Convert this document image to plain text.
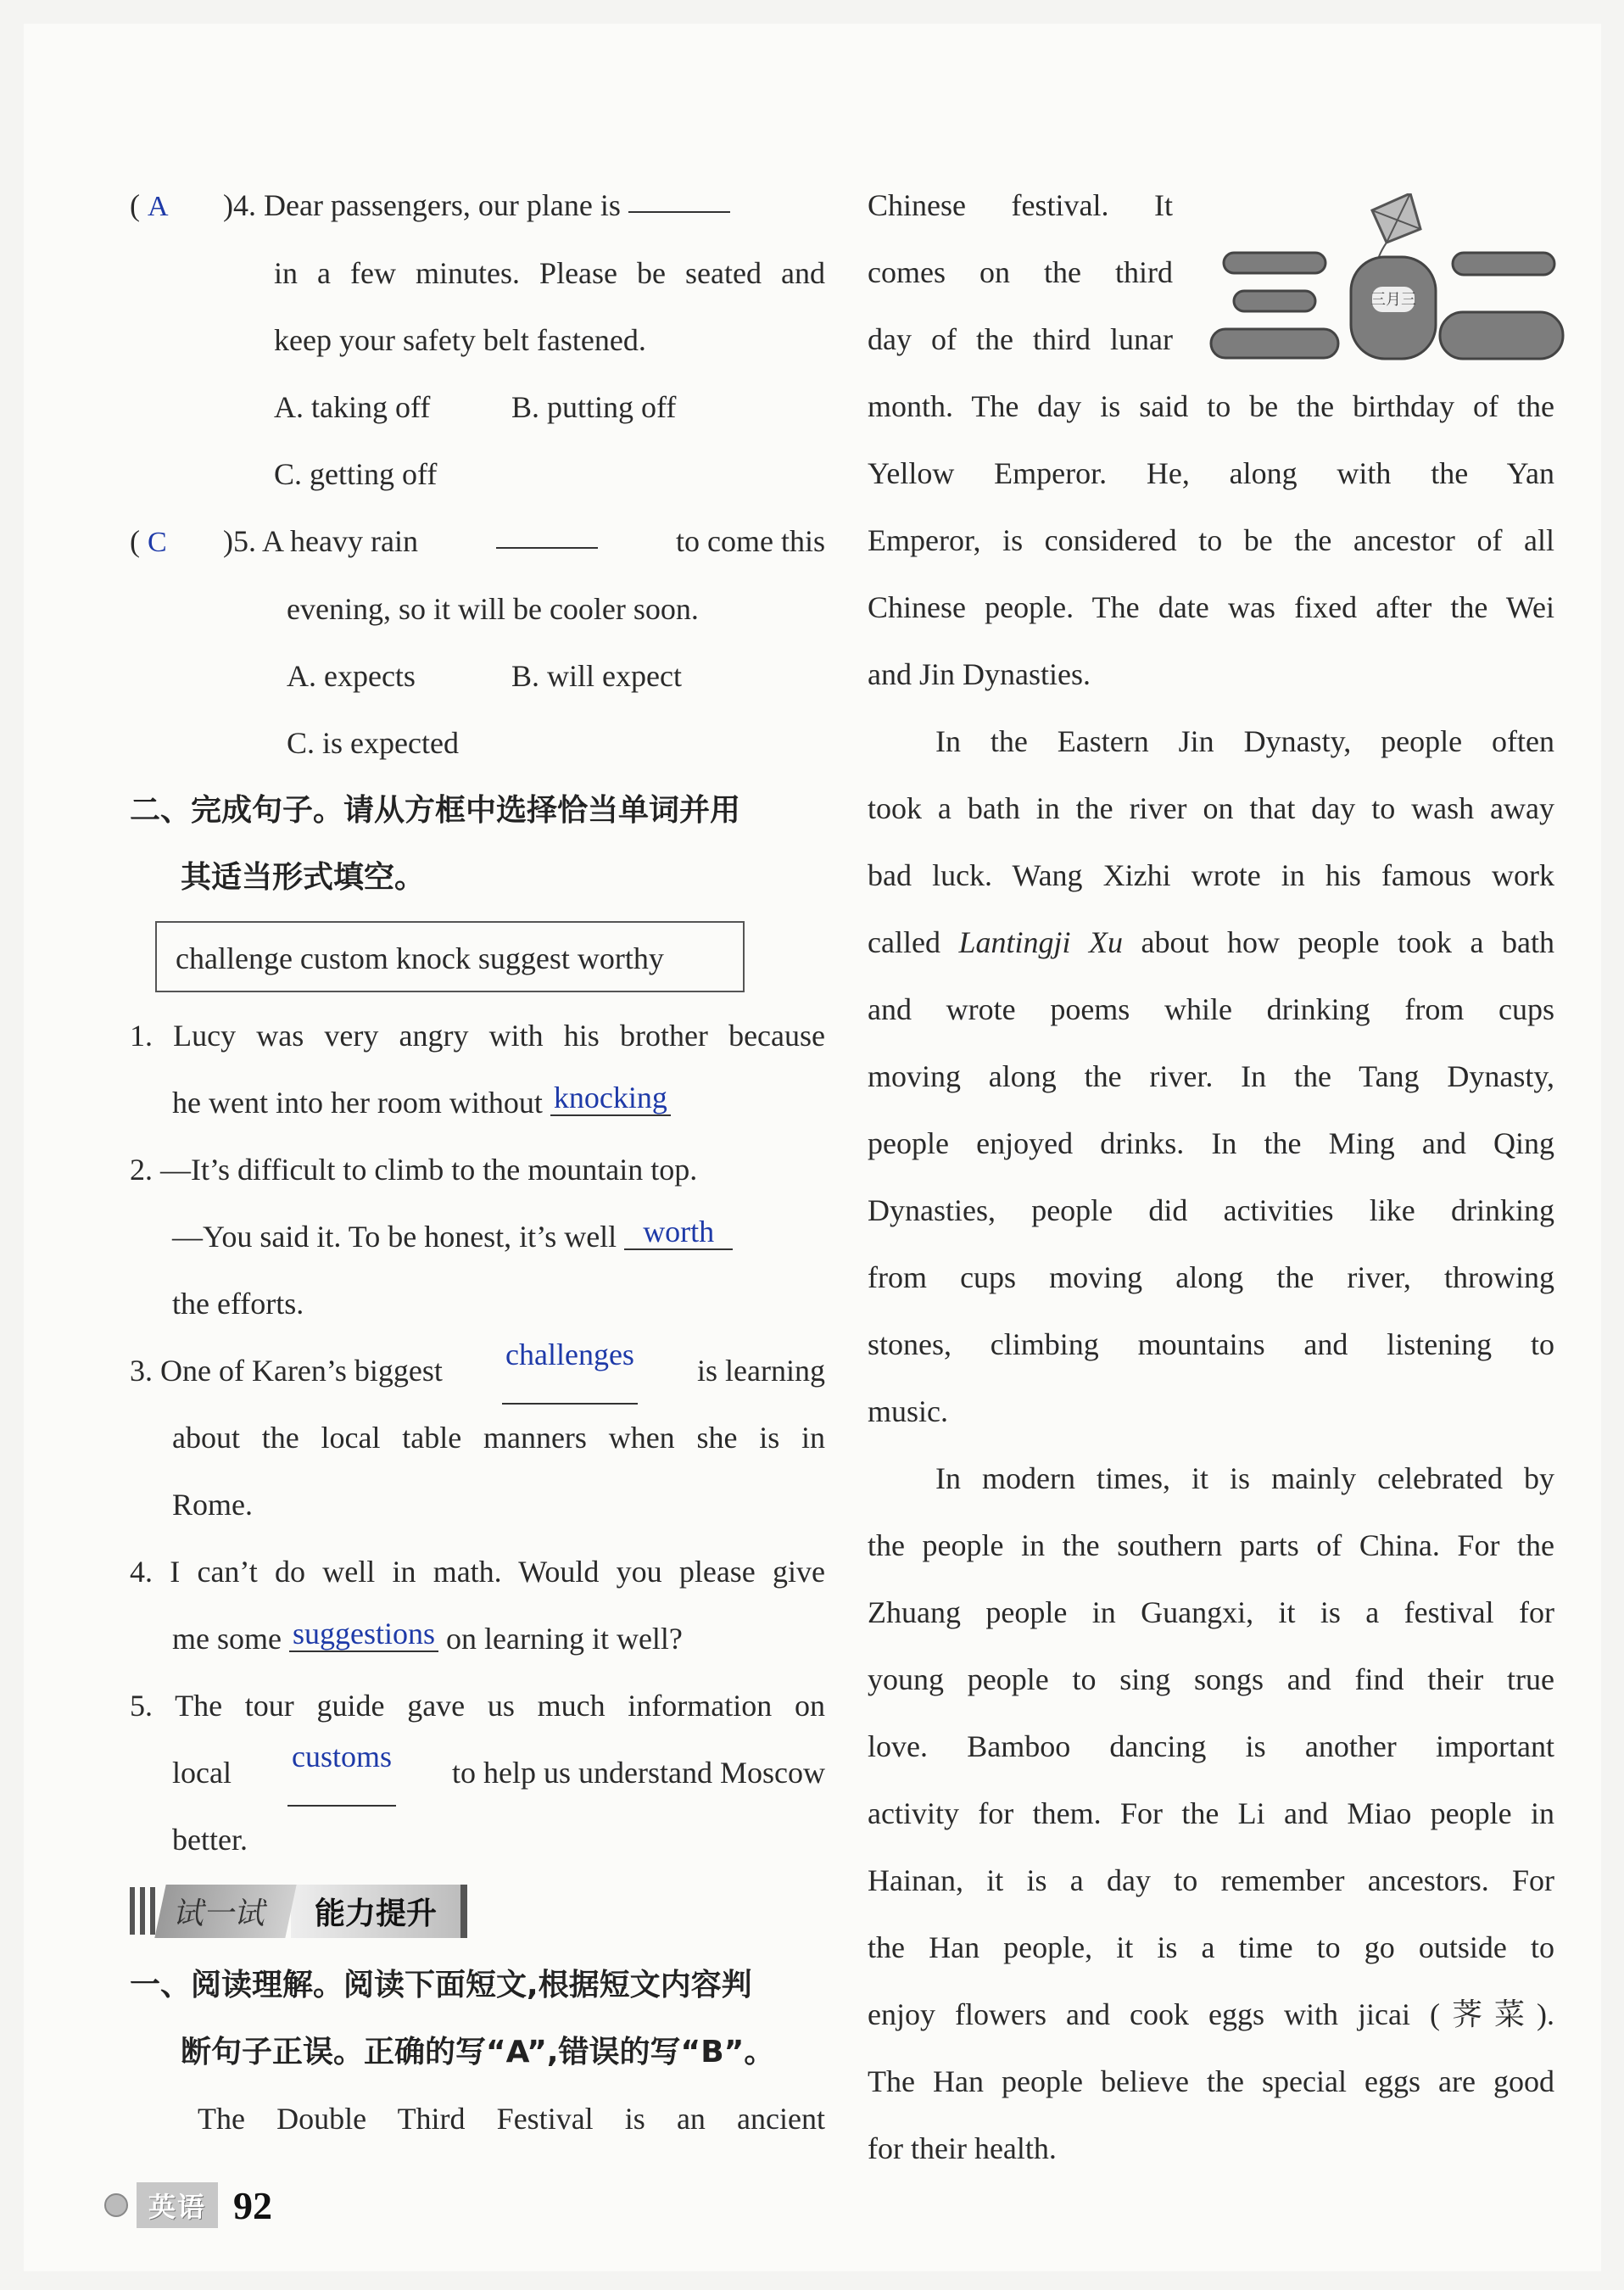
( A )4. Dear passengers, our plane is
in a few minutes. Please be seated and
keep your safety belt fastened.
A. taking off	B. putting off
C. getting off
( C )5. A heavy rain	to come this
evening, so it will be cooler soon.
A. expects	B. will expect
C. is expected
二、完成句子。请从方框中选择恰当单词并用
其适当形式填空。
challenge custom knock suggest worthy
1. Lucy was very angry with his brother because
he went into her room without knocking
2. —It’s difficult to climb to the mountain top.
—You said it. To be honest, it’s well worth
the efforts.
3. One of Karen’s biggest challenges is learning
about the local table manners when she is in
Rome.
4. I can’t do well in math. Would you please give
me some suggestions on learning it well?
5. The tour guide gave us much information on
local customs to help us understand Moscow
better.
试一试	能力提升
一、阅读理解。阅读下面短文,根据短文内容判
断句子正误。正确的写“A”,错误的写“B”。
The Double Third Festival is an ancient
三月三
Chinese festival. It
comes on the third
day of the third lunar
month. The day is said to be the birthday of the
Yellow Emperor. He, along with the Yan
Emperor, is considered to be the ancestor of all
Chinese people. The date was fixed after the Wei
and Jin Dynasties.
In the Eastern Jin Dynasty, people often
took a bath in the river on that day to wash away
bad luck. Wang Xizhi wrote in his famous work
called Lantingji Xu about how people took a bath
and wrote poems while drinking from cups
moving along the river. In the Tang Dynasty,
people enjoyed drinks. In the Ming and Qing
Dynasties, people did activities like drinking
from cups moving along the river, throwing
stones, climbing mountains and listening to
music.
In modern times, it is mainly celebrated by
the people in the southern parts of China. For the
Zhuang people in Guangxi, it is a festival for
young people to sing songs and find their true
love. Bamboo dancing is another important
activity for them. For the Li and Miao people in
Hainan, it is a day to remember ancestors. For
the Han people, it is a time to go outside to
enjoy flowers and cook eggs with jicai (荠菜).
The Han people believe the special eggs are good
for their health.
英语 92
